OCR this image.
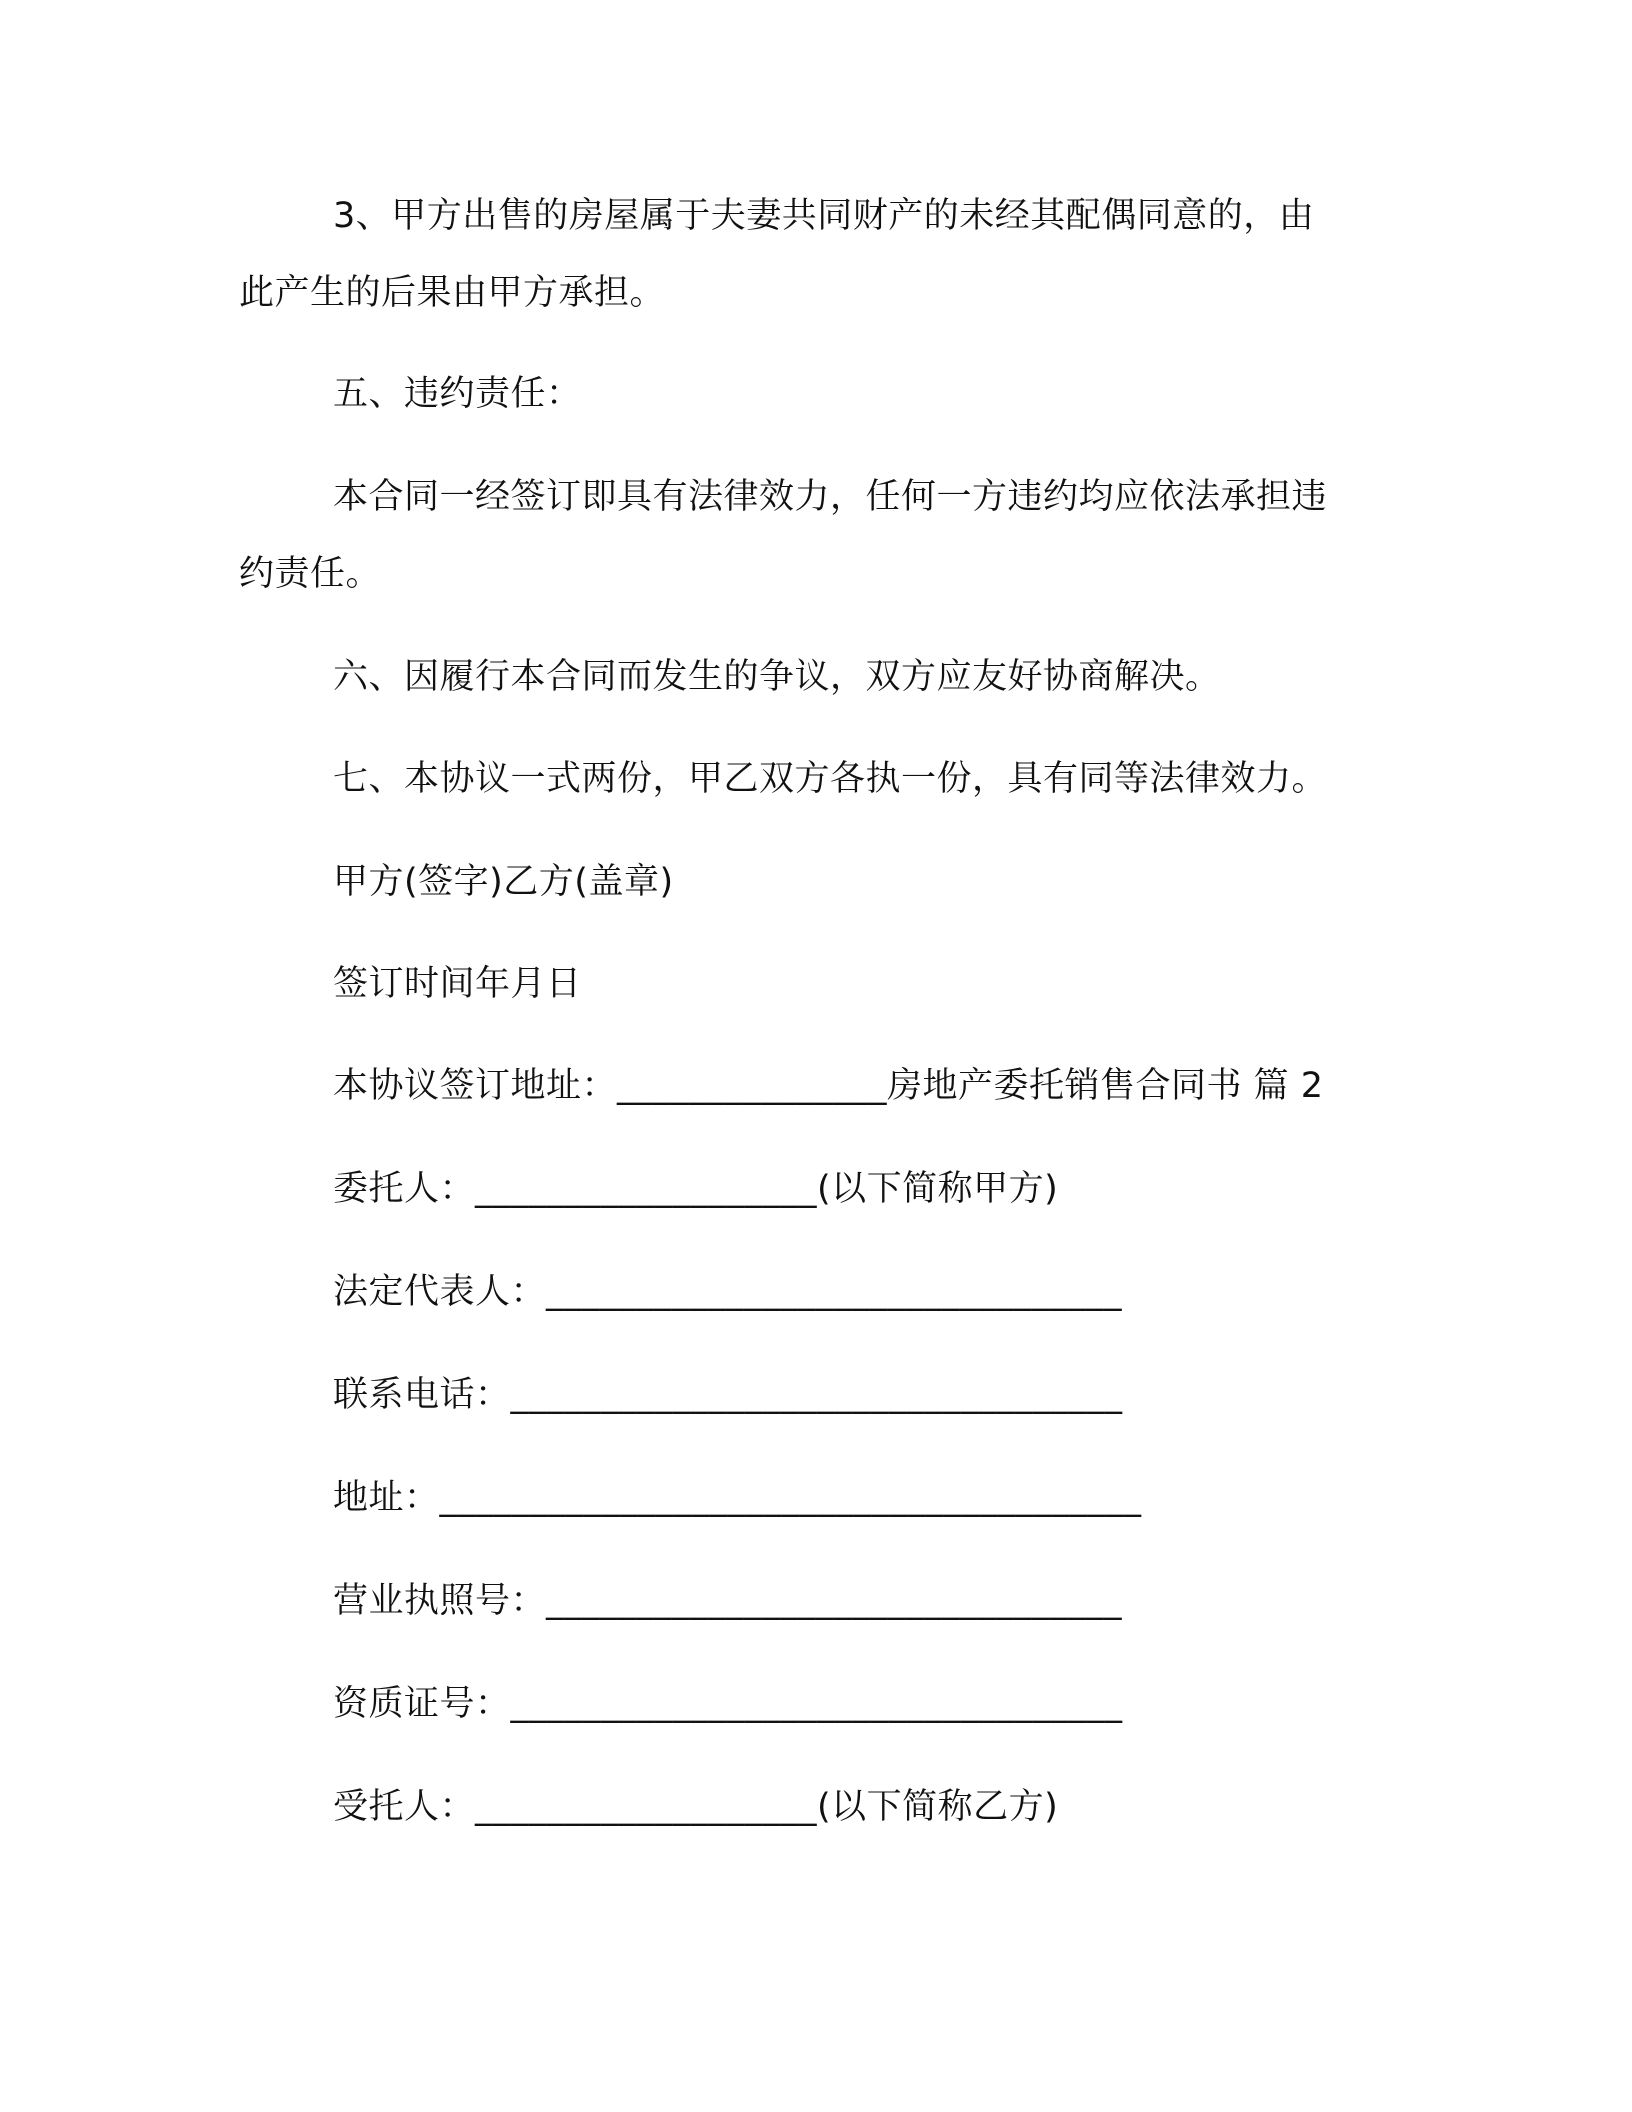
3、甲方出售的房屋属于夫妻共同财产的未经其配偶同意的，由
此产生的后果由甲方承担。
五、违约责任：
本合同一经签订即具有法律效力，任何一方违约均应依法承担违
约责任。
六、因履行本合同而发生的争议，双方应友好协商解决。
七、本协议一式两份，甲乙双方各执一份，具有同等法律效力。
甲方(签字)乙方(盖章)
签订时间年月日
本协议签订地址：_______________房地产委托销售合同书 篇 2
委托人：___________________(以下简称甲方)
法定代表人：________________________________
联系电话：__________________________________
地址：_______________________________________
营业执照号：________________________________
资质证号：__________________________________
受托人：___________________(以下简称乙方)
